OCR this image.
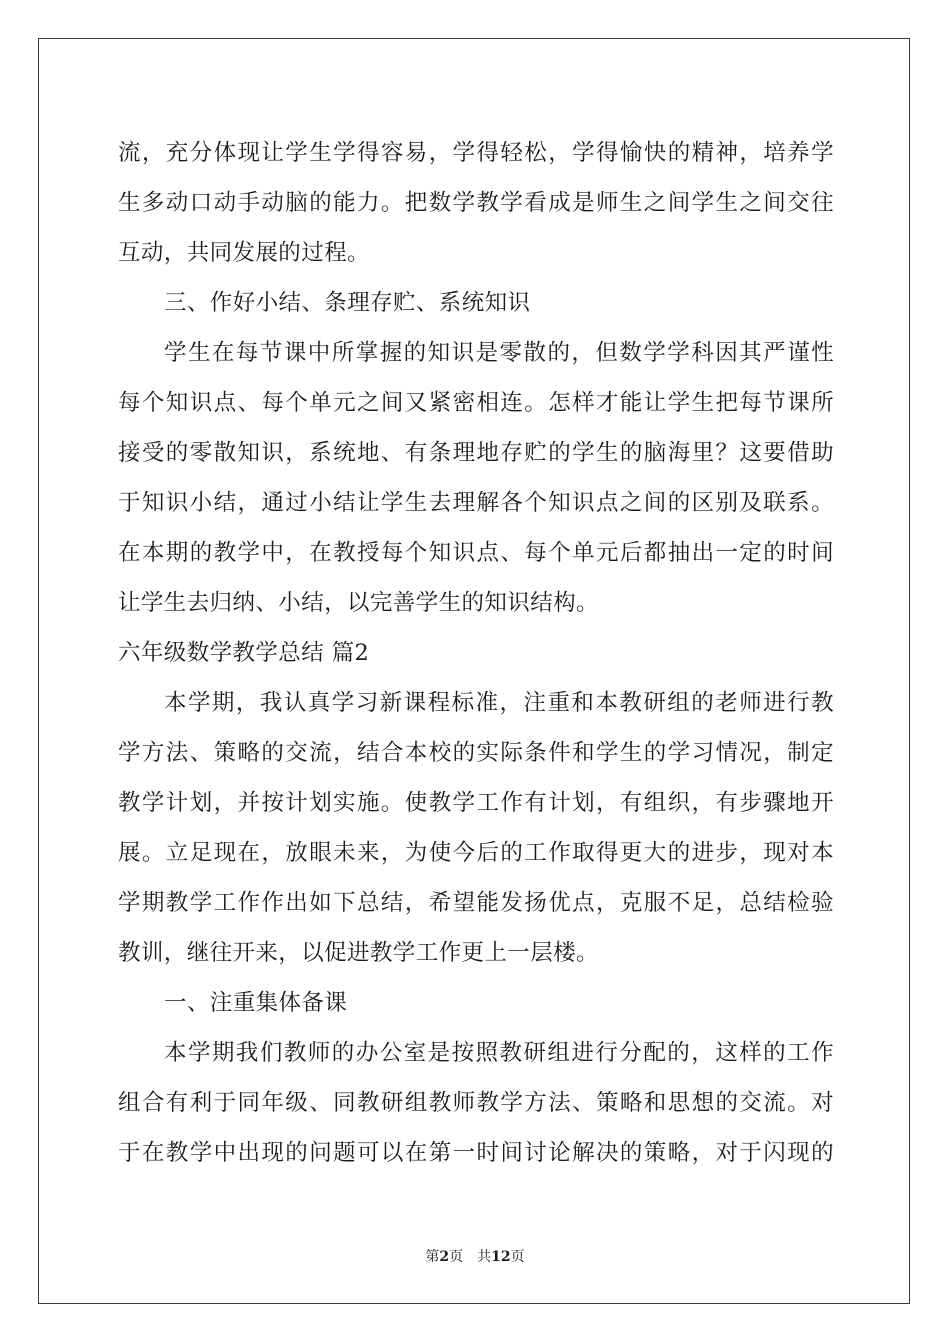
流，充分体现让学生学得容易，学得轻松，学得愉快的精神，培养学
生多动口动手动脑的能力。把数学教学看成是师生之间学生之间交往
互动，共同发展的过程。
三、作好小结、条理存贮、系统知识
学生在每节课中所掌握的知识是零散的，但数学学科因其严谨性
每个知识点、每个单元之间又紧密相连。怎样才能让学生把每节课所
接受的零散知识，系统地、有条理地存贮的学生的脑海里？这要借助
于知识小结，通过小结让学生去理解各个知识点之间的区别及联系。
在本期的教学中，在教授每个知识点、每个单元后都抽出一定的时间
让学生去归纳、小结，以完善学生的知识结构。
六年级数学教学总结 篇2
本学期，我认真学习新课程标准，注重和本教研组的老师进行教
学方法、策略的交流，结合本校的实际条件和学生的学习情况，制定
教学计划，并按计划实施。使教学工作有计划，有组织，有步骤地开
展。立足现在，放眼未来，为使今后的工作取得更大的进步，现对本
学期教学工作作出如下总结，希望能发扬优点，克服不足，总结检验
教训，继往开来，以促进教学工作更上一层楼。
一、注重集体备课
本学期我们教师的办公室是按照教研组进行分配的，这样的工作
组合有利于同年级、同教研组教师教学方法、策略和思想的交流。对
于在教学中出现的问题可以在第一时间讨论解决的策略，对于闪现的
第2页　共12页
